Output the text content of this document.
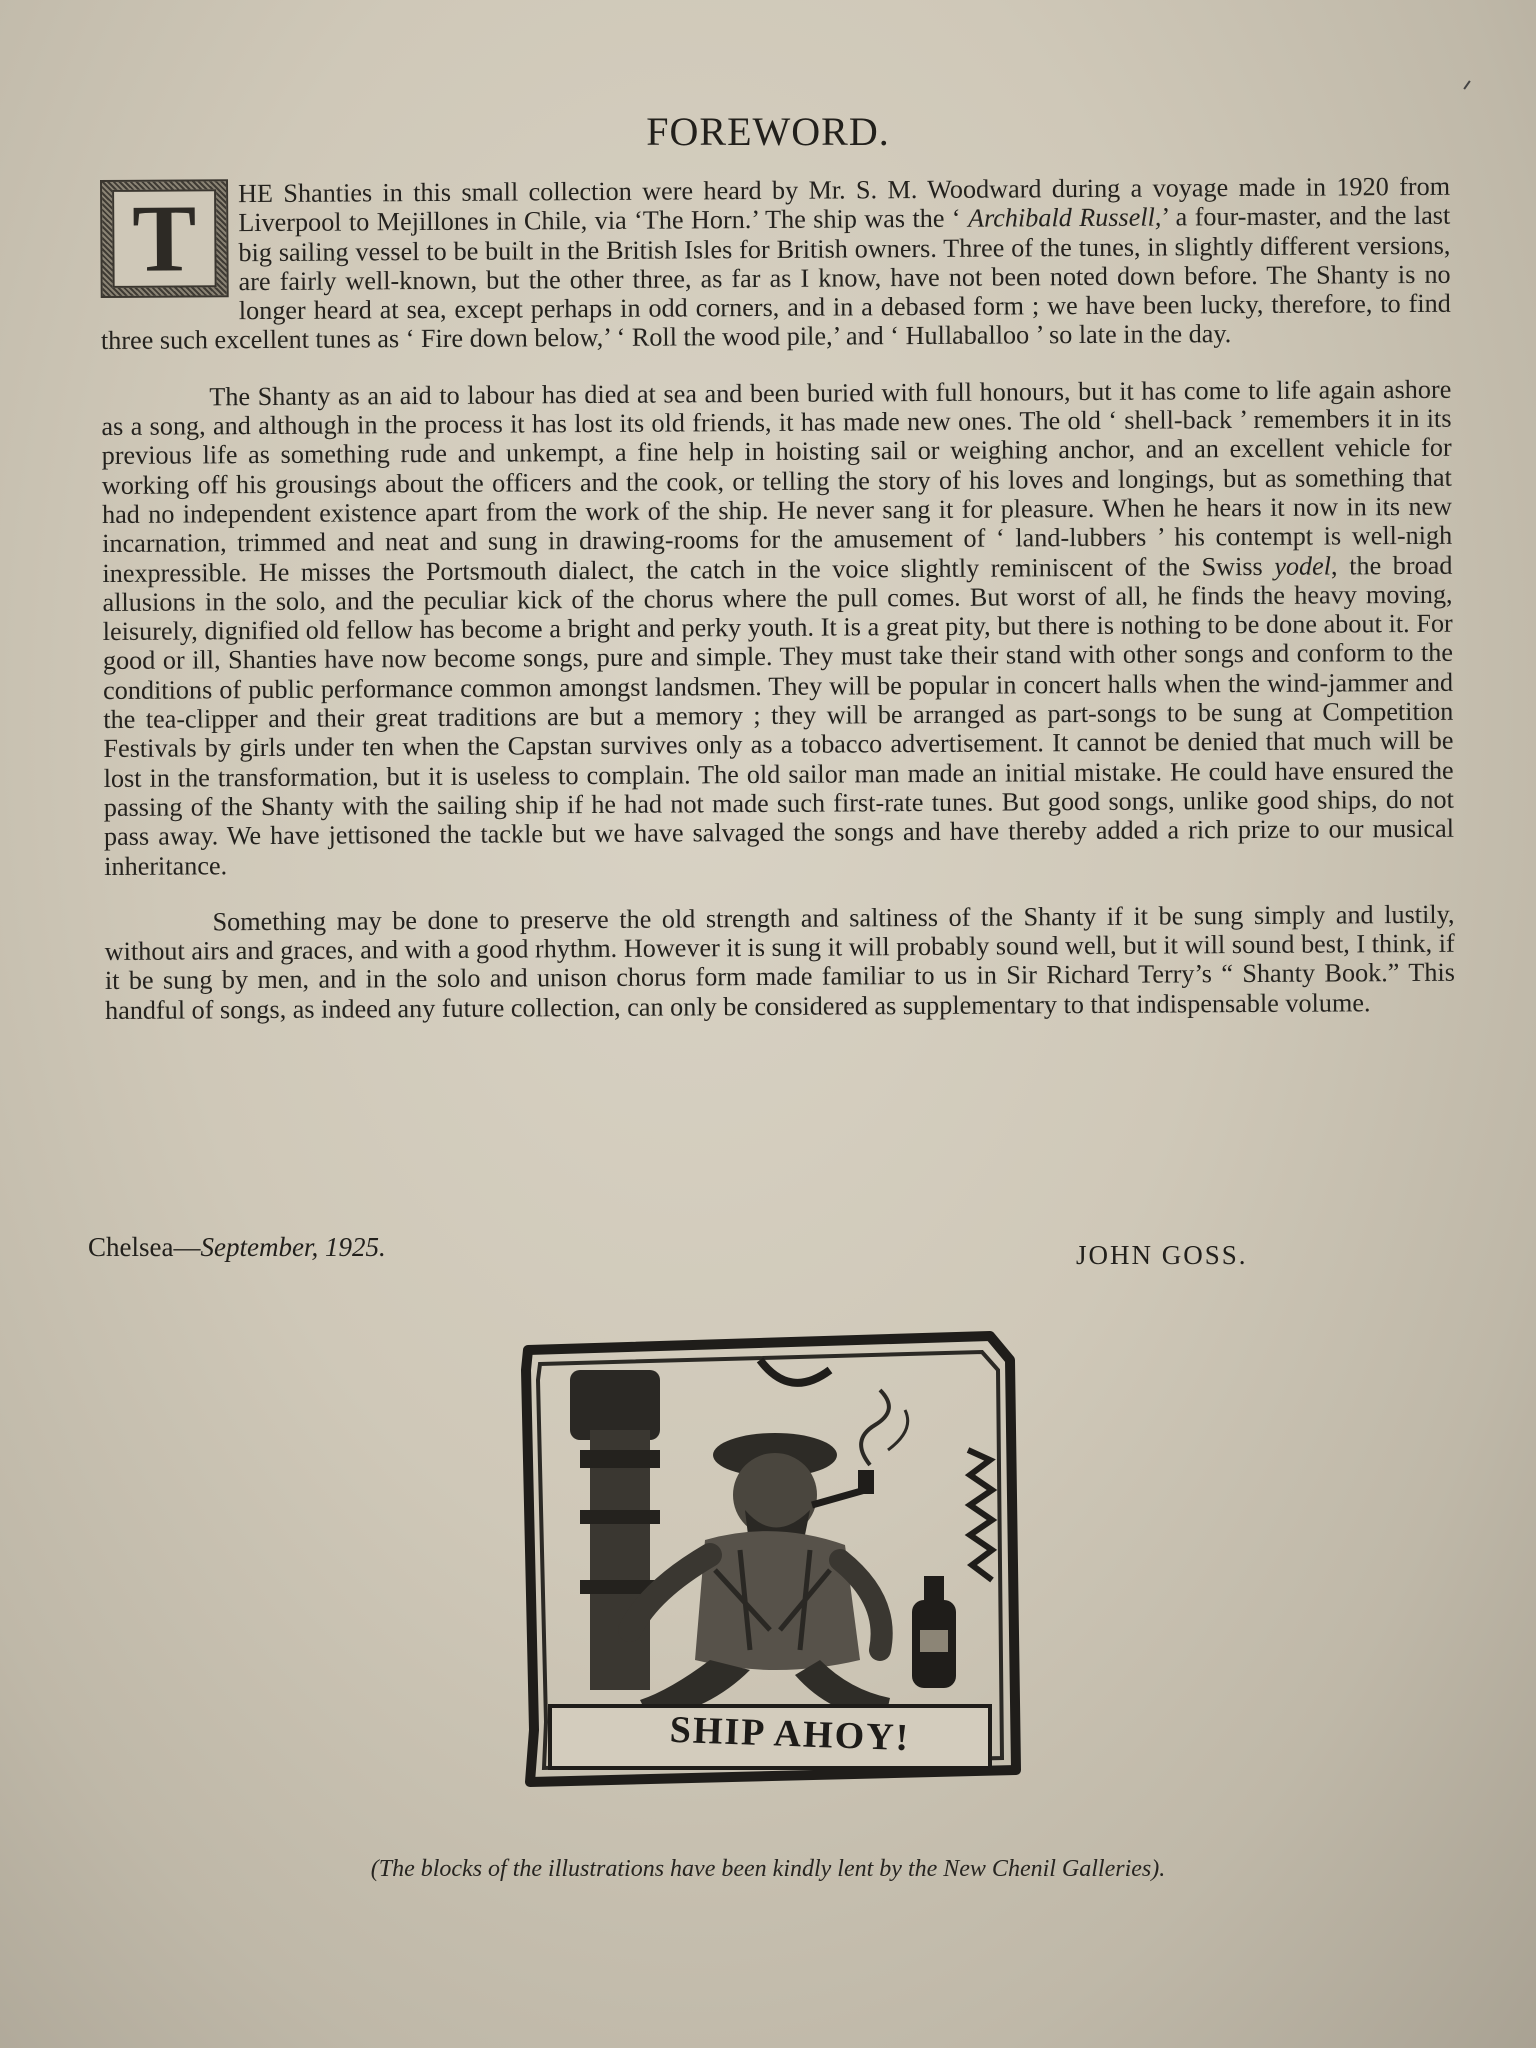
FOREWORD.

T	HE Shanties in this small collection were heard by Mr. S. M. Woodward during a voyage made in 1920 from Liverpool to Mejillones in Chile, via ‘The Horn.’ The ship was the ‘ Archibald Russell,’ a four-master, and the last big sailing vessel to be built in the British Isles for British owners. Three of the tunes, in slightly different versions, are fairly well-known, but the other three, as far as I know, have not been noted down before. The Shanty is no longer heard at sea, except perhaps in odd corners, and in a debased form ; we have been lucky, therefore, to find three such excellent tunes as ‘ Fire down below,’ ‘ Roll the wood pile,’ and ‘ Hullaballoo ’ so late in the day.

The Shanty as an aid to labour has died at sea and been buried with full honours, but it has come to life again ashore as a song, and although in the process it has lost its old friends, it has made new ones. The old ‘ shell-back ’ remembers it in its previous life as something rude and unkempt, a fine help in hoisting sail or weighing anchor, and an excellent vehicle for working off his grousings about the officers and the cook, or telling the story of his loves and longings, but as something that had no independent existence apart from the work of the ship. He never sang it for pleasure. When he hears it now in its new incarnation, trimmed and neat and sung in drawing-rooms for the amusement of ‘ land-lubbers ’ his contempt is well-nigh inexpressible. He misses the Portsmouth dialect, the catch in the voice slightly reminiscent of the Swiss yodel, the broad allusions in the solo, and the peculiar kick of the chorus where the pull comes. But worst of all, he finds the heavy moving, leisurely, dignified old fellow has become a bright and perky youth. It is a great pity, but there is nothing to be done about it. For good or ill, Shanties have now become songs, pure and simple. They must take their stand with other songs and conform to the conditions of public performance common amongst landsmen. They will be popular in concert halls when the wind-jammer and the tea-clipper and their great traditions are but a memory ; they will be arranged as part-songs to be sung at Competition Festivals by girls under ten when the Capstan survives only as a tobacco advertisement. It cannot be denied that much will be lost in the transformation, but it is useless to complain. The old sailor man made an initial mistake. He could have ensured the passing of the Shanty with the sailing ship if he had not made such first-rate tunes. But good songs, unlike good ships, do not pass away. We have jettisoned the tackle but we have salvaged the songs and have thereby added a rich prize to our musical inheritance.

Something may be done to preserve the old strength and saltiness of the Shanty if it be sung simply and lustily, without airs and graces, and with a good rhythm. However it is sung it will probably sound well, but it will sound best, I think, if it be sung by men, and in the solo and unison chorus form made familiar to us in Sir Richard Terry’s “ Shanty Book.” This handful of songs, as indeed any future collection, can only be considered as supplementary to that indispensable volume.

Chelsea—September, 1925.	JOHN GOSS.
SHIP AHOY!
(The blocks of the illustrations have been kindly lent by the New Chenil Galleries).
